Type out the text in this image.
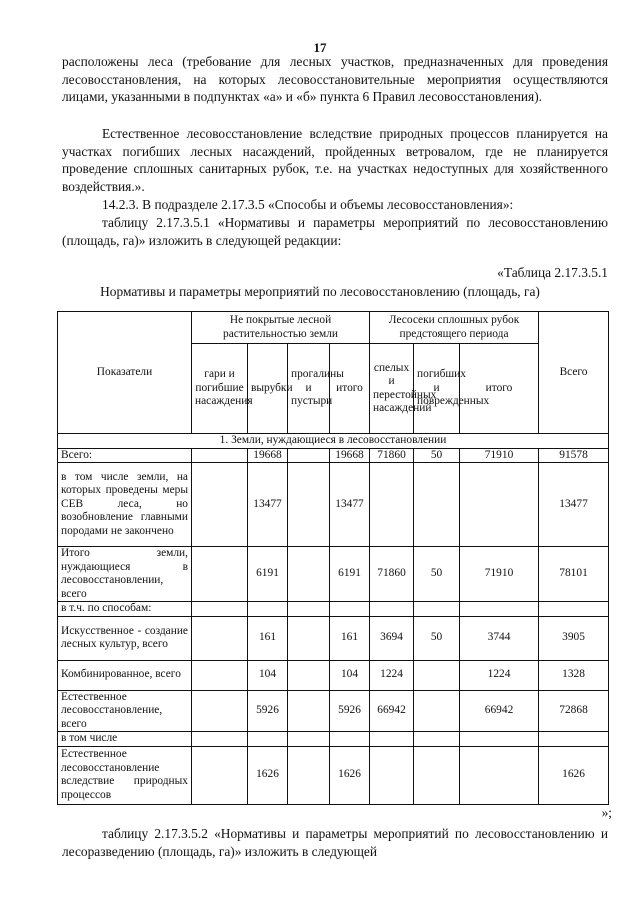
17
расположены леса (требование для лесных участков, предназначенных для проведения лесовосстановления, на которых лесовосстановительные мероприятия осуществляются лицами, указанными в подпунктах «а» и «б» пункта 6 Правил лесовосстановления).
Естественное лесовосстановление вследствие природных процессов планируется на участках погибших лесных насаждений, пройденных ветровалом, где не планируется проведение сплошных санитарных рубок, т.е. на участках недоступных для хозяйственного воздействия.».
14.2.3. В подразделе 2.17.3.5 «Способы и объемы лесовосстановления»:
таблицу 2.17.3.5.1 «Нормативы и параметры мероприятий по лесовосстановлению (площадь, га)» изложить в следующей редакции:
«Таблица 2.17.3.5.1
Нормативы и параметры мероприятий по лесовосстановлению (площадь, га)
Показатели	Не покрытые лесной растительностью земли				Лесосеки сплошных рубок предстоящего периода			Всего
	гари и погибшие насаждения	вырубки	прогалины и пустыри	итого	спелых и перестойных насаждений	погибших и поврежденных	итого	
1. Земли, нуждающиеся в лесовосстановлении								
Всего:		19668		19668	71860	50	71910	91578
в том числе земли, на которых проведены меры СЕВ леса, но возобновление главными породами не закончено		13477		13477				13477
Итого земли, нуждающиеся в лесовосстановлении, всего		6191		6191	71860	50	71910	78101
в т.ч. по способам:								
Искусственное - создание лесных культур, всего		161		161	3694	50	3744	3905
Комбинированное, всего		104		104	1224		1224	1328
Естественное лесовосстановление, всего		5926		5926	66942		66942	72868
в том числе								
Естественное лесовосстановление вследствие природных процессов		1626		1626				1626
»;
таблицу 2.17.3.5.2 «Нормативы и параметры мероприятий по лесовосстановлению и лесоразведению (площадь, га)» изложить в следующей
